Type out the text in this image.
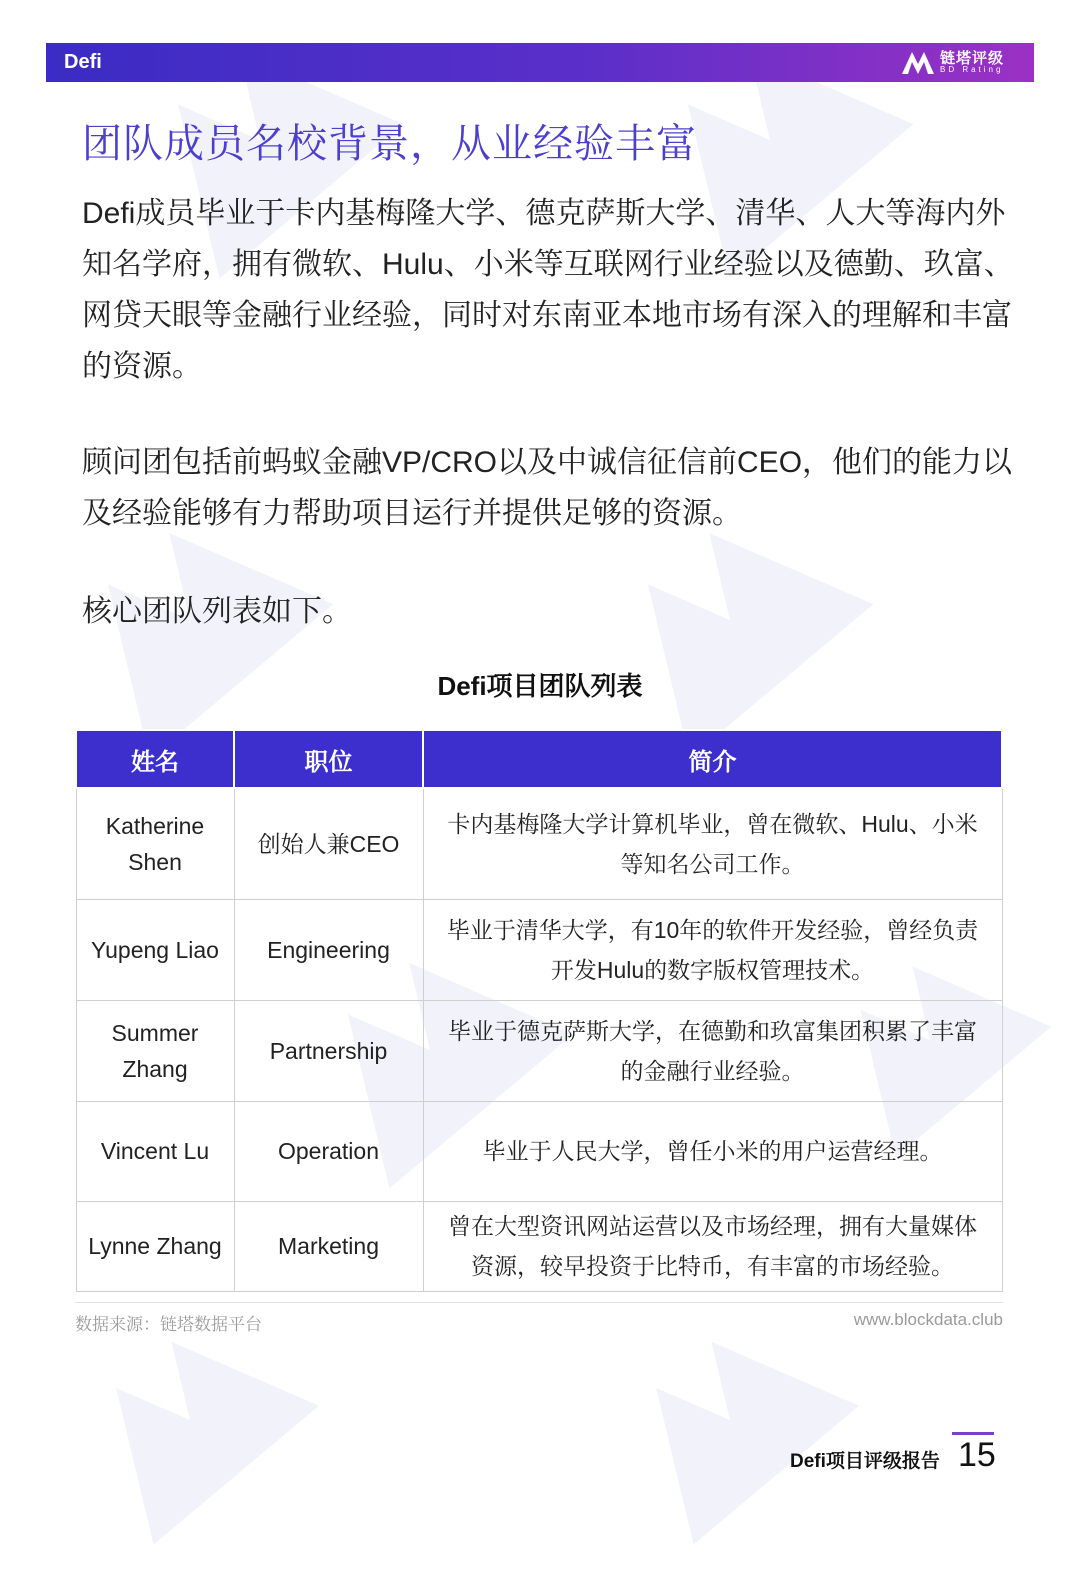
Defi	链塔评级
BD Rating
团队成员名校背景，从业经验丰富

Defi成员毕业于卡内基梅隆大学、德克萨斯大学、清华、人大等海内外知名学府，拥有微软、Hulu、小米等互联网行业经验以及德勤、玖富、网贷天眼等金融行业经验，同时对东南亚本地市场有深入的理解和丰富的资源。

顾问团包括前蚂蚁金融VP/CRO以及中诚信征信前CEO，他们的能力以及经验能够有力帮助项目运行并提供足够的资源。

核心团队列表如下。

Defi项目团队列表
姓名	职位	简介
Katherine Shen	创始人兼CEO	卡内基梅隆大学计算机毕业，曾在微软、Hulu、小米等知名公司工作。
Yupeng Liao	Engineering	毕业于清华大学，有10年的软件开发经验，曾经负责开发Hulu的数字版权管理技术。
Summer Zhang	Partnership	毕业于德克萨斯大学，在德勤和玖富集团积累了丰富的金融行业经验。
Vincent Lu	Operation	毕业于人民大学，曾任小米的用户运营经理。
Lynne Zhang	Marketing	曾在大型资讯网站运营以及市场经理，拥有大量媒体资源，较早投资于比特币，有丰富的市场经验。
数据来源：链塔数据平台	www.blockdata.club
Defi项目评级报告 15
